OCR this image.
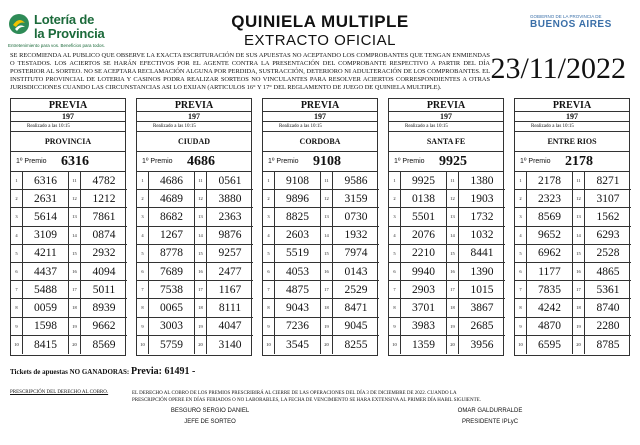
Lotería de
la Provincia
Entretenimiento para vos. Beneficios para todos.
QUINIELA MULTIPLE
EXTRACTO OFICIAL
GOBIERNO DE LA PROVINCIA DE
BUENOS AIRES
SE RECOMIENDA AL PUBLICO QUE OBSERVE LA EXACTA ESCRITURACIÓN DE SUS APUESTAS NO ACEPTANDO LOS COMPROBANTES QUE TENGAN ENMIENDAS O TESTADOS. LOS ACIERTOS SE HARÁN EFECTIVOS POR EL AGENTE CONTRA LA PRESENTACIÓN DEL COMPROBANTE RESPECTIVO A PARTIR DEL DÍA POSTERIOR AL SORTEO. NO SE ACEPTARA RECLAMACIÓN ALGUNA POR PERDIDA, SUSTRACCIÓN, DETERIORO NI ADULTERACIÓN DE LOS COMPROBANTES. EL INSTITUTO PROVINCIAL DE LOTERIA Y CASINOS PODRA REALIZAR SORTEOS NO VINCULANTES PARA RESOLVER ACIERTOS CORRESPONDIENTES A OTRAS JURISDICCIONES CUANDO LAS CIRCUNSTANCIAS ASI LO EXIJAN (ARTICULOS 16° Y 17° DEL REGLAMENTO DE JUEGO DE QUINIELA MULTIPLE).
23/11/2022
PREVIA
197
Realizado a las 10:15
PROVINCIA
1º Premio	6316
1	6316	11	4782
2	2631	12	1212
3	5614	13	7861
4	3109	14	0874
5	4211	15	2932
6	4437	16	4094
7	5488	17	5011
8	0059	18	8939
9	1598	19	9662
10	8415	20	8569
PREVIA
197
Realizado a las 10:15
CIUDAD
1º Premio	4686
1	4686	11	0561
2	4689	12	3880
3	8682	13	2363
4	1267	14	9876
5	8778	15	9257
6	7689	16	2477
7	7538	17	1167
8	0065	18	8111
9	3003	19	4047
10	5759	20	3140
PREVIA
197
Realizado a las 10:15
CORDOBA
1º Premio	9108
1	9108	11	9586
2	9896	12	3159
3	8825	13	0730
4	2603	14	1932
5	5519	15	7974
6	4053	16	0143
7	4875	17	2529
8	9043	18	8471
9	7236	19	9045
10	3545	20	8255
PREVIA
197
Realizado a las 10:15
SANTA FE
1º Premio	9925
1	9925	11	1380
2	0138	12	1903
3	5501	13	1732
4	2076	14	1032
5	2210	15	8441
6	9940	16	1390
7	2903	17	1015
8	3701	18	3867
9	3983	19	2685
10	1359	20	3956
PREVIA
197
Realizado a las 10:15
ENTRE RIOS
1º Premio	2178
1	2178	11	8271
2	2323	12	3107
3	8569	13	1562
4	9652	14	6293
5	6962	15	2528
6	1177	16	4865
7	7835	17	5361
8	4242	18	8740
9	4870	19	2280
10	6595	20	8785
Tickets de apuestas NO GANADORAS: Previa: 61491 -
PRESCRIPCIÓN DEL DERECHO AL COBRO.	EL DERECHO AL COBRO DE LOS PREMIOS PRESCRIBIRÁ AL CIERRE DE LAS OPERACIONES DEL DÍA 3 DE DICIEMBRE DE 2022. CUANDO LA PRESCRIPCIÓN OPERE EN DÍAS FERIADOS O NO LABORABLES, LA FECHA DE VENCIMIENTO SE HARA EXTENSIVA AL PRIMER DÍA HABIL SIGUIENTE.
BESGURO SERGIO DANIEL
JEFE DE SORTEO
OMAR GALDURRALDE
PRESIDENTE IPLyC
